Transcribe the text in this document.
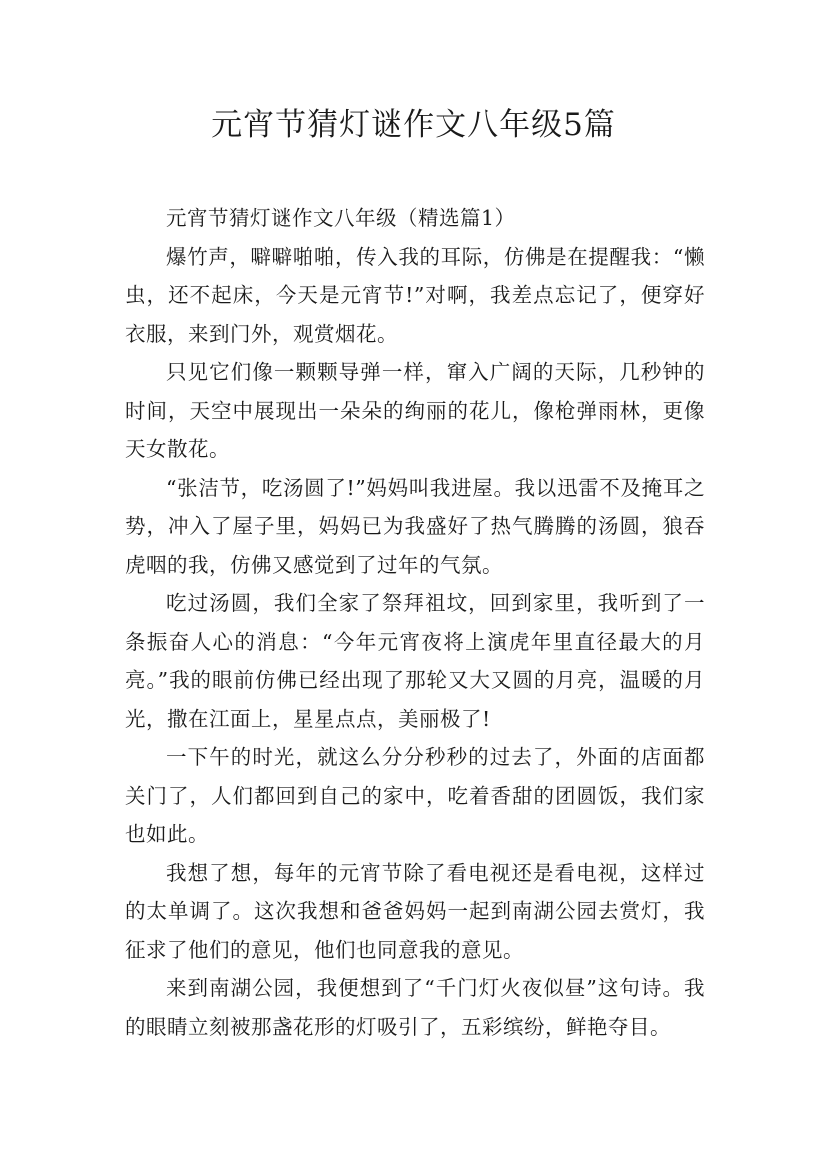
元宵节猜灯谜作文八年级5篇

元宵节猜灯谜作文八年级（精选篇1）

爆竹声，噼噼啪啪，传入我的耳际，仿佛是在提醒我：“懒虫，还不起床，今天是元宵节!”对啊，我差点忘记了，便穿好衣服，来到门外，观赏烟花。

只见它们像一颗颗导弹一样，窜入广阔的天际，几秒钟的时间，天空中展现出一朵朵的绚丽的花儿，像枪弹雨林，更像天女散花。

“张洁节，吃汤圆了!”妈妈叫我进屋。我以迅雷不及掩耳之势，冲入了屋子里，妈妈已为我盛好了热气腾腾的汤圆，狼吞虎咽的我，仿佛又感觉到了过年的气氛。

吃过汤圆，我们全家了祭拜祖坟，回到家里，我听到了一条振奋人心的消息：“今年元宵夜将上演虎年里直径最大的月亮。”我的眼前仿佛已经出现了那轮又大又圆的月亮，温暖的月光，撒在江面上，星星点点，美丽极了!

一下午的时光，就这么分分秒秒的过去了，外面的店面都关门了，人们都回到自己的家中，吃着香甜的团圆饭，我们家也如此。

我想了想，每年的元宵节除了看电视还是看电视，这样过的太单调了。这次我想和爸爸妈妈一起到南湖公园去赏灯，我征求了他们的意见，他们也同意我的意见。

来到南湖公园，我便想到了“千门灯火夜似昼”这句诗。我的眼睛立刻被那盏花形的灯吸引了，五彩缤纷，鲜艳夺目。
